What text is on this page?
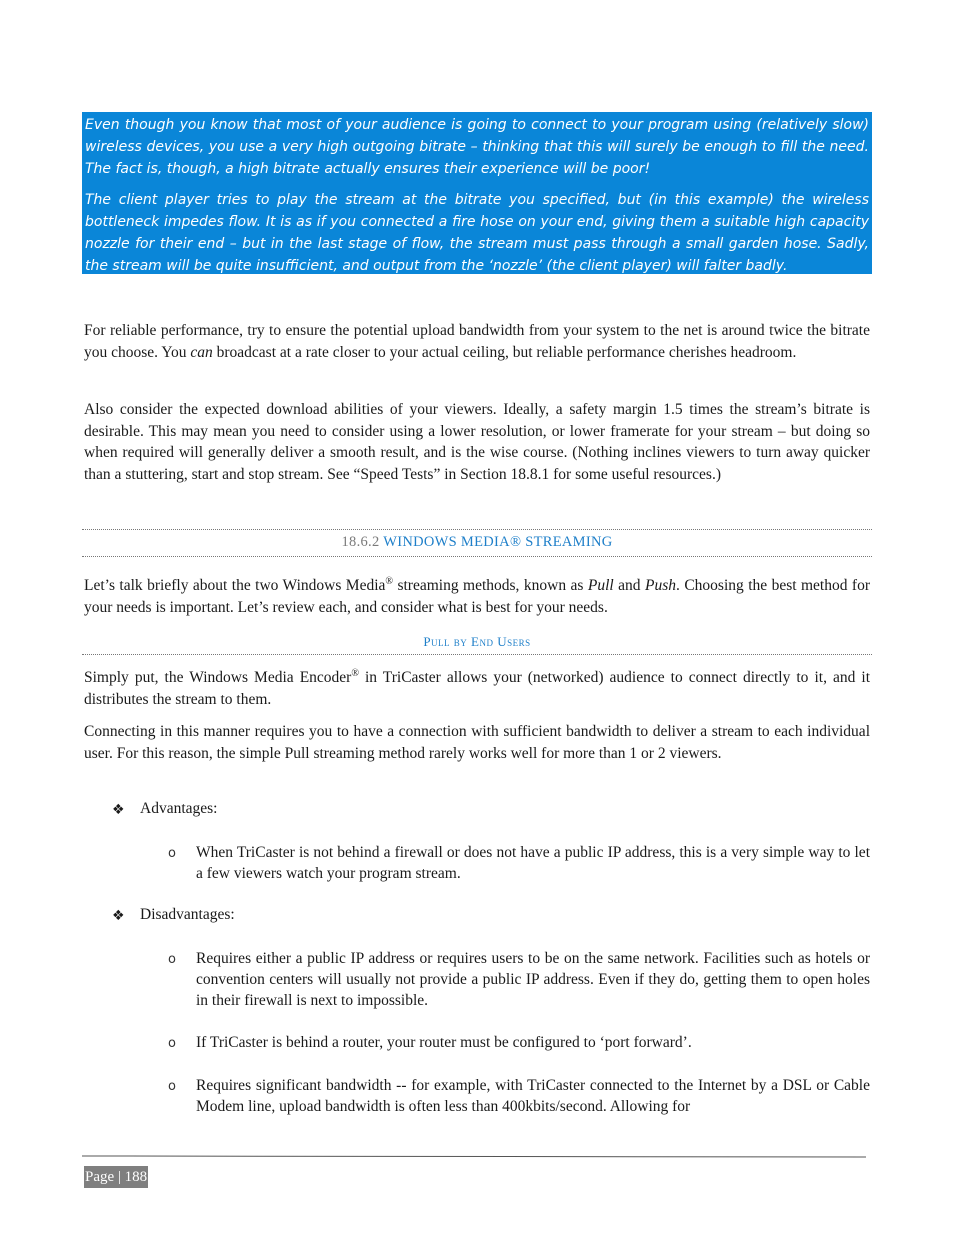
Even though you know that most of your audience is going to connect to your program using (relatively slow) wireless devices, you use a very high outgoing bitrate – thinking that this will surely be enough to fill the need. The fact is, though, a high bitrate actually ensures their experience will be poor!

The client player tries to play the stream at the bitrate you specified, but (in this example) the wireless bottleneck impedes flow. It is as if you connected a fire hose on your end, giving them a suitable high capacity nozzle for their end – but in the last stage of flow, the stream must pass through a small garden hose. Sadly, the stream will be quite insufficient, and output from the ‘nozzle’ (the client player) will falter badly.

For reliable performance, try to ensure the potential upload bandwidth from your system to the net is around twice the bitrate you choose. You can broadcast at a rate closer to your actual ceiling, but reliable performance cherishes headroom.

Also consider the expected download abilities of your viewers. Ideally, a safety margin 1.5 times the stream’s bitrate is desirable. This may mean you need to consider using a lower resolution, or lower framerate for your stream – but doing so when required will generally deliver a smooth result, and is the wise course. (Nothing inclines viewers to turn away quicker than a stuttering, start and stop stream. See “Speed Tests” in Section 18.8.1 for some useful resources.)

18.6.2 WINDOWS MEDIA® STREAMING

Let’s talk briefly about the two Windows Media® streaming methods, known as Pull and Push. Choosing the best method for your needs is important. Let’s review each, and consider what is best for your needs.

Pull by End Users

Simply put, the Windows Media Encoder® in TriCaster allows your (networked) audience to connect directly to it, and it distributes the stream to them.

Connecting in this manner requires you to have a connection with sufficient bandwidth to deliver a stream to each individual user. For this reason, the simple Pull streaming method rarely works well for more than 1 or 2 viewers.

❖ Advantages:
o When TriCaster is not behind a firewall or does not have a public IP address, this is a very simple way to let a few viewers watch your program stream.

❖ Disadvantages:
o Requires either a public IP address or requires users to be on the same network. Facilities such as hotels or convention centers will usually not provide a public IP address. Even if they do, getting them to open holes in their firewall is next to impossible.

o If TriCaster is behind a router, your router must be configured to ‘port forward’.

o Requires significant bandwidth -- for example, with TriCaster connected to the Internet by a DSL or Cable Modem line, upload bandwidth is often less than 400kbits/second. Allowing for

Page | 188
